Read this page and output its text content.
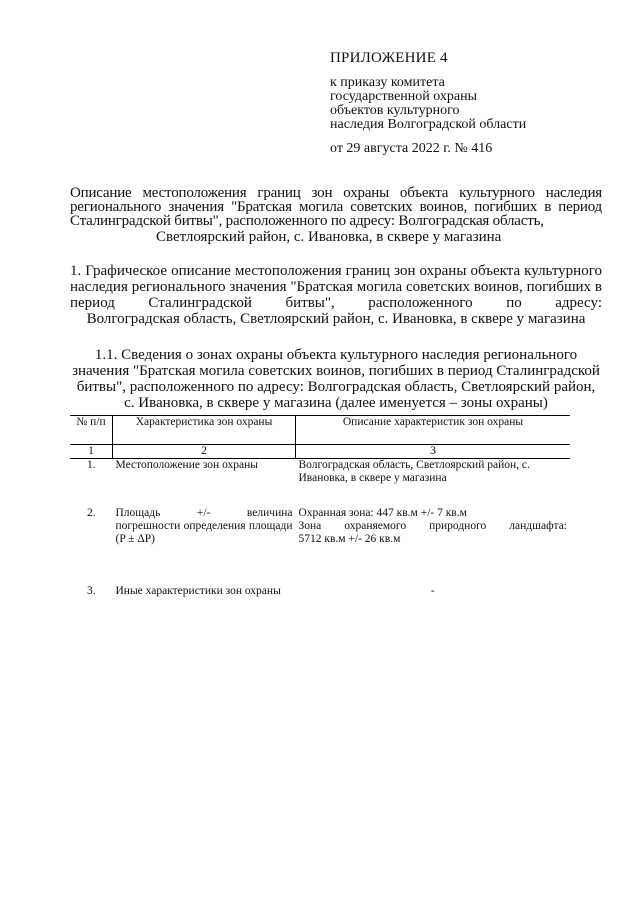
ПРИЛОЖЕНИЕ 4
к приказу комитета
государственной охраны
объектов культурного
наследия Волгоградской области
от 29 августа 2022 г. № 416
Описание местоположения границ зон охраны объекта культурного наследия регионального значения "Братская могила советских воинов, погибших в период Сталинградской битвы", расположенного по адресу: Волгоградская область,
Светлоярский район, с. Ивановка, в сквере у магазина
1. Графическое описание местоположения границ зон охраны объекта культурного
наследия регионального значения "Братская могила советских воинов, погибших в
период Сталинградской битвы", расположенного по адресу:
Волгоградская область, Светлоярский район, с. Ивановка, в сквере у магазина
1.1. Сведения о зонах охраны объекта культурного наследия регионального
значения "Братская могила советских воинов, погибших в период Сталинградской
битвы", расположенного по адресу: Волгоградская область, Светлоярский район,
с. Ивановка, в сквере у магазина (далее именуется – зоны охраны)

№ п/п	Характеристика зон охраны	Описание характеристик зон охраны
1	2	3
1.	Местоположение зон охраны	Волгоградская область, Светлоярский район, с. Ивановка, в сквере у магазина
2.	Площадь +/- величина погрешности определения площади (P ± ΔP)	Охранная зона: 447 кв.м +/- 7 кв.м
Зона охраняемого природного ландшафта:
5712 кв.м +/- 26 кв.м

3.	Иные характеристики зон охраны	-
